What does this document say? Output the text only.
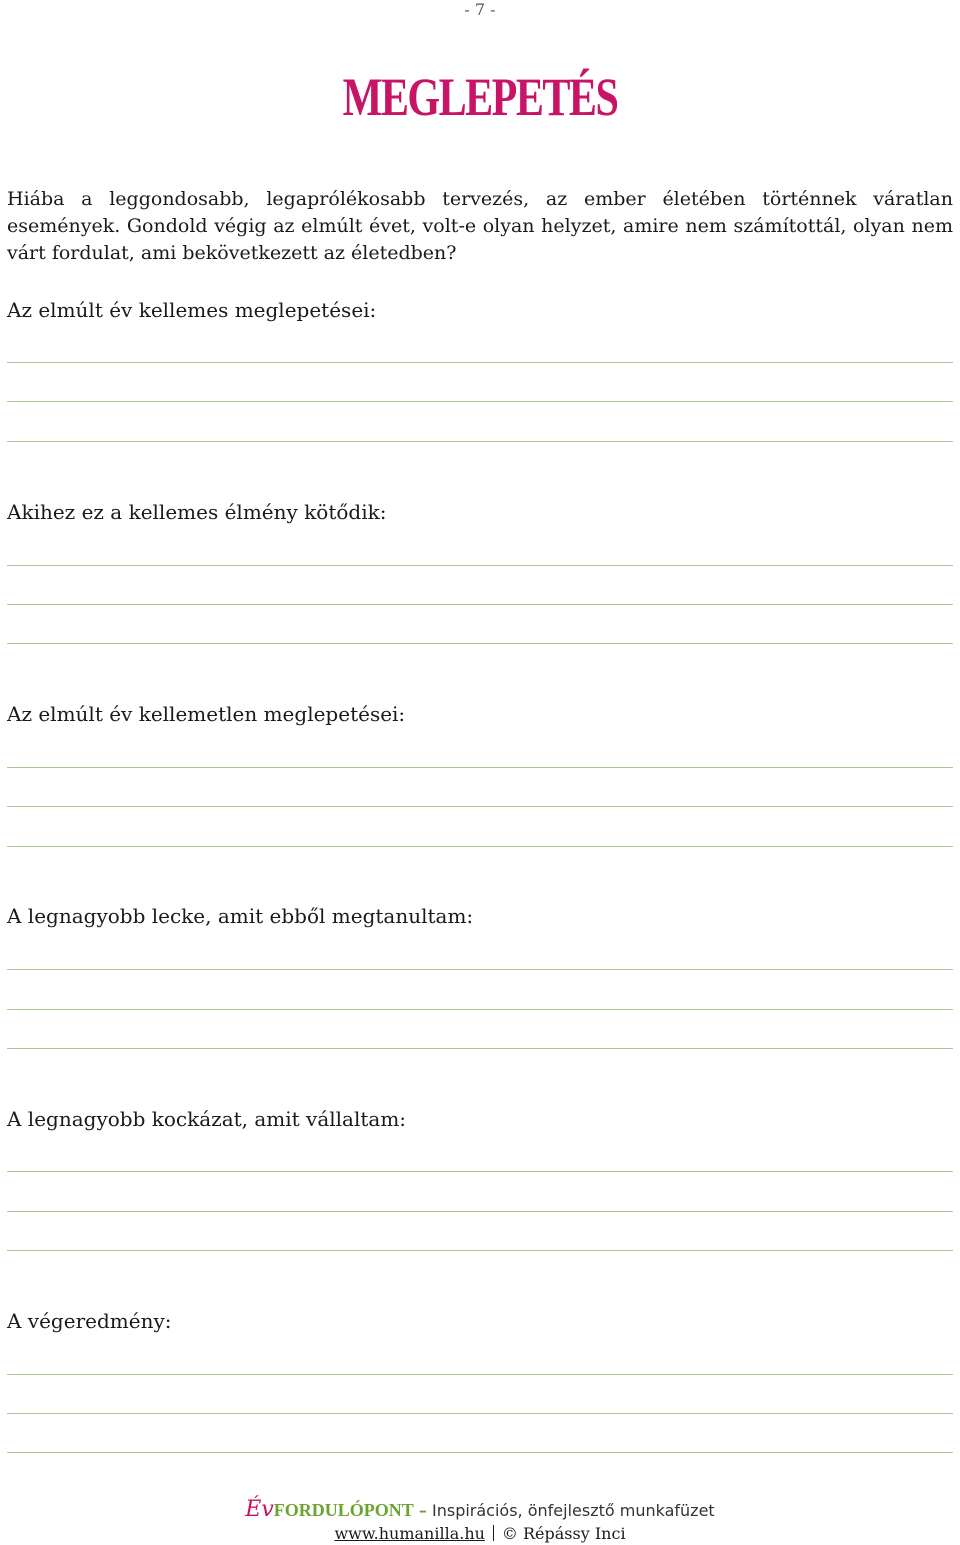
- 7 -
MEGLEPETÉS

Hiába a leggondosabb, legaprólékosabb tervezés, az ember életében történnek váratlan események. Gondold végig az elmúlt évet, volt-e olyan helyzet, amire nem számítottál, olyan nem várt fordulat, ami bekövetkezett az életedben?

Az elmúlt év kellemes meglepetései:

Akihez ez a kellemes élmény kötődik:

Az elmúlt év kellemetlen meglepetései:

A legnagyobb lecke, amit ebből megtanultam:

A legnagyobb kockázat, amit vállaltam:

A végeredmény:

ÉvFORDULÓPONT – Inspirációs, önfejlesztő munkafüzet
www.humanilla.hu © Répássy Inci
